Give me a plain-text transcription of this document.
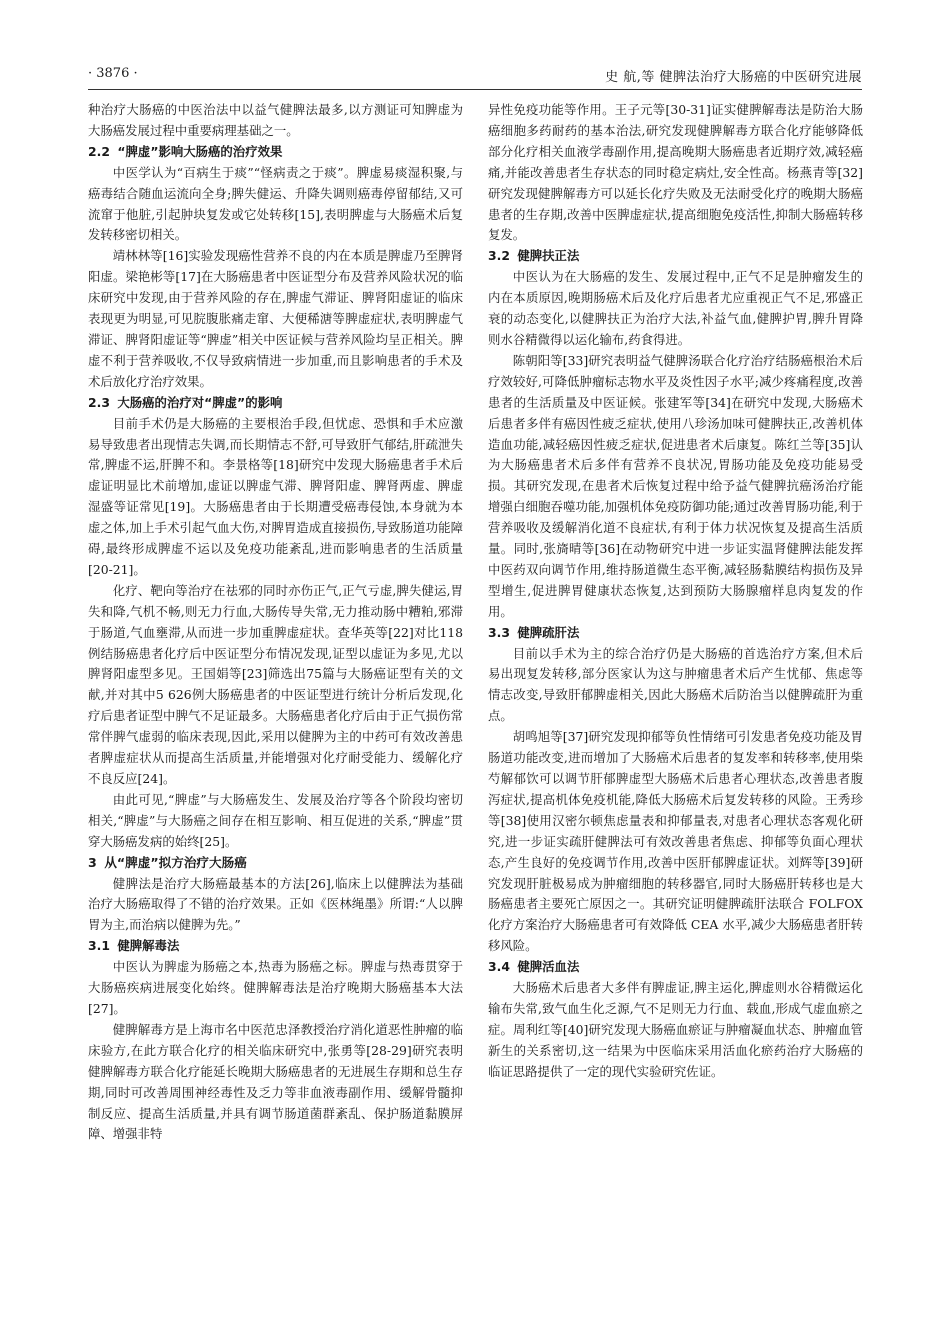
· 3876 ·	史 航,等 健脾法治疗大肠癌的中医研究进展

种治疗大肠癌的中医治法中以益气健脾法最多,以方测证可知脾虚为大肠癌发展过程中重要病理基础之一。

2.2 “脾虚”影响大肠癌的治疗效果

中医学认为“百病生于痰”“怪病责之于痰”。脾虚易痰湿积聚,与癌毒结合随血运流向全身;脾失健运、升降失调则癌毒停留郁结,又可流窜于他脏,引起肿块复发或它处转移[15],表明脾虚与大肠癌术后复发转移密切相关。

靖林林等[16]实验发现癌性营养不良的内在本质是脾虚乃至脾肾阳虚。梁艳彬等[17]在大肠癌患者中医证型分布及营养风险状况的临床研究中发现,由于营养风险的存在,脾虚气滞证、脾肾阳虚证的临床表现更为明显,可见脘腹胀痛走窜、大便稀溏等脾虚症状,表明脾虚气滞证、脾肾阳虚证等“脾虚”相关中医证候与营养风险均呈正相关。脾虚不利于营养吸收,不仅导致病情进一步加重,而且影响患者的手术及术后放化疗治疗效果。

2.3 大肠癌的治疗对“脾虚”的影响

目前手术仍是大肠癌的主要根治手段,但忧虑、恐惧和手术应激易导致患者出现情志失调,而长期情志不舒,可导致肝气郁结,肝疏泄失常,脾虚不运,肝脾不和。李景格等[18]研究中发现大肠癌患者手术后虚证明显比术前增加,虚证以脾虚气滞、脾肾阳虚、脾肾两虚、脾虚湿盛等证常见[19]。大肠癌患者由于长期遭受癌毒侵蚀,本身就为本虚之体,加上手术引起气血大伤,对脾胃造成直接损伤,导致肠道功能障碍,最终形成脾虚不运以及免疫功能紊乱,进而影响患者的生活质量[20-21]。

化疗、靶向等治疗在祛邪的同时亦伤正气,正气亏虚,脾失健运,胃失和降,气机不畅,则无力行血,大肠传导失常,无力推动肠中糟粕,邪滞于肠道,气血壅滞,从而进一步加重脾虚症状。查华英等[22]对比118例结肠癌患者化疗后中医证型分布情况发现,证型以虚证为多见,尤以脾肾阳虚型多见。王国娟等[23]筛选出75篇与大肠癌证型有关的文献,并对其中5 626例大肠癌患者的中医证型进行统计分析后发现,化疗后患者证型中脾气不足证最多。大肠癌患者化疗后由于正气损伤常常伴脾气虚弱的临床表现,因此,采用以健脾为主的中药可有效改善患者脾虚症状从而提高生活质量,并能增强对化疗耐受能力、缓解化疗不良反应[24]。

由此可见,“脾虚”与大肠癌发生、发展及治疗等各个阶段均密切相关,“脾虚”与大肠癌之间存在相互影响、相互促进的关系,“脾虚”贯穿大肠癌发病的始终[25]。

3 从“脾虚”拟方治疗大肠癌

健脾法是治疗大肠癌最基本的方法[26],临床上以健脾法为基础治疗大肠癌取得了不错的治疗效果。正如《医林绳墨》所谓:“人以脾胃为主,而治病以健脾为先。”

3.1 健脾解毒法

中医认为脾虚为肠癌之本,热毒为肠癌之标。脾虚与热毒贯穿于大肠癌疾病进展变化始终。健脾解毒法是治疗晚期大肠癌基本大法[27]。

健脾解毒方是上海市名中医范忠泽教授治疗消化道恶性肿瘤的临床验方,在此方联合化疗的相关临床研究中,张勇等[28-29]研究表明健脾解毒方联合化疗能延长晚期大肠癌患者的无进展生存期和总生存期,同时可改善周围神经毒性及乏力等非血液毒副作用、缓解骨髓抑制反应、提高生活质量,并具有调节肠道菌群紊乱、保护肠道黏膜屏障、增强非特

异性免疫功能等作用。王子元等[30-31]证实健脾解毒法是防治大肠癌细胞多药耐药的基本治法,研究发现健脾解毒方联合化疗能够降低部分化疗相关血液学毒副作用,提高晚期大肠癌患者近期疗效,减轻癌痛,并能改善患者生存状态的同时稳定病灶,安全性高。杨燕青等[32]研究发现健脾解毒方可以延长化疗失败及无法耐受化疗的晚期大肠癌患者的生存期,改善中医脾虚症状,提高细胞免疫活性,抑制大肠癌转移复发。

3.2 健脾扶正法

中医认为在大肠癌的发生、发展过程中,正气不足是肿瘤发生的内在本质原因,晚期肠癌术后及化疗后患者尤应重视正气不足,邪盛正衰的动态变化,以健脾扶正为治疗大法,补益气血,健脾护胃,脾升胃降则水谷精微得以运化输布,药食得进。

陈朝阳等[33]研究表明益气健脾汤联合化疗治疗结肠癌根治术后疗效较好,可降低肿瘤标志物水平及炎性因子水平;减少疼痛程度,改善患者的生活质量及中医证候。张建军等[34]在研究中发现,大肠癌术后患者多伴有癌因性疲乏症状,使用八珍汤加味可健脾扶正,改善机体造血功能,减轻癌因性疲乏症状,促进患者术后康复。陈红兰等[35]认为大肠癌患者术后多伴有营养不良状况,胃肠功能及免疫功能易受损。其研究发现,在患者术后恢复过程中给予益气健脾抗癌汤治疗能增强白细胞吞噬功能,加强机体免疫防御功能;通过改善胃肠功能,利于营养吸收及缓解消化道不良症状,有利于体力状况恢复及提高生活质量。同时,张旖晴等[36]在动物研究中进一步证实温肾健脾法能发挥中医药双向调节作用,维持肠道微生态平衡,减轻肠黏膜结构损伤及异型增生,促进脾胃健康状态恢复,达到预防大肠腺瘤样息肉复发的作用。

3.3 健脾疏肝法

目前以手术为主的综合治疗仍是大肠癌的首选治疗方案,但术后易出现复发转移,部分医家认为这与肿瘤患者术后产生忧郁、焦虑等情志改变,导致肝郁脾虚相关,因此大肠癌术后防治当以健脾疏肝为重点。

胡鸣旭等[37]研究发现抑郁等负性情绪可引发患者免疫功能及胃肠道功能改变,进而增加了大肠癌术后患者的复发率和转移率,使用柴芍解郁饮可以调节肝郁脾虚型大肠癌术后患者心理状态,改善患者腹泻症状,提高机体免疫机能,降低大肠癌术后复发转移的风险。王秀珍等[38]使用汉密尔顿焦虑量表和抑郁量表,对患者心理状态客观化研究,进一步证实疏肝健脾法可有效改善患者焦虑、抑郁等负面心理状态,产生良好的免疫调节作用,改善中医肝郁脾虚证状。刘辉等[39]研究发现肝脏极易成为肿瘤细胞的转移器官,同时大肠癌肝转移也是大肠癌患者主要死亡原因之一。其研究证明健脾疏肝法联合 FOLFOX 化疗方案治疗大肠癌患者可有效降低 CEA 水平,减少大肠癌患者肝转移风险。

3.4 健脾活血法

大肠癌术后患者大多伴有脾虚证,脾主运化,脾虚则水谷精微运化输布失常,致气血生化乏源,气不足则无力行血、载血,形成气虚血瘀之症。周利红等[40]研究发现大肠癌血瘀证与肿瘤凝血状态、肿瘤血管新生的关系密切,这一结果为中医临床采用活血化瘀药治疗大肠癌的临证思路提供了一定的现代实验研究佐证。
